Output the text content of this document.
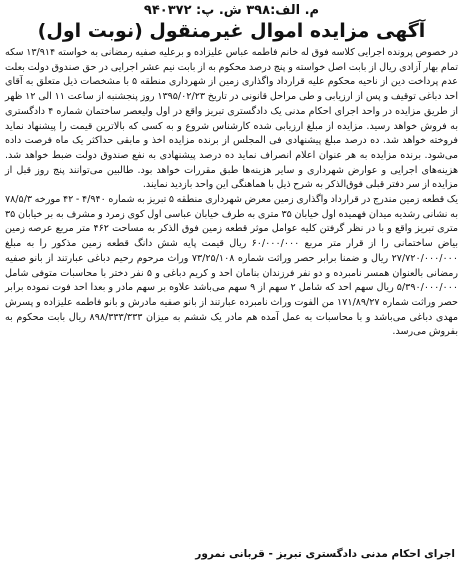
م. الف:۳۹۸ ش. پ: ۹۴۰۳۷۲

آگهی مزایده اموال غیرمنقول (نوبت اول)

در خصوص پرونده اجرایی کلاسه فوق له خانم فاطمه عباس علیزاده و برعلیه صفیه رمضانی به خواسته ۱۳/۹۱۴ سکه تمام بهار آزادی ریال از بابت اصل خواسته و پنج درصد محکوم به از بابت نیم عشر اجرایی در حق صندوق دولت بعلت عدم پرداخت دین از ناحیه محکوم علیه قرارداد واگذاری زمین از شهرداری منطقه ۵ با مشخصات ذیل متعلق به آقای احد دباغی توقیف و پس از ارزیابی و طی مراحل قانونی در تاریخ ۱۳۹۵/۰۲/۲۳ روز پنجشنبه از ساعت ۱۱ الی ۱۲ ظهر از طریق مزایده در واحد اجرای احکام مدنی یک دادگستری تبریز واقع در اول ولیعصر ساختمان شماره ۴ دادگستری به فروش خواهد رسید. مزایده از مبلغ ارزیابی شده کارشناس شروع و به کسی که بالاترین قیمت را پیشنهاد نماید فروخته خواهد شد. ده درصد مبلغ پیشنهادی فی المجلس از برنده مزایده اخذ و مابقی حداکثر یک ماه فرصت داده می‌شود. برنده مزایده به هر عنوان اعلام انصراف نماید ده درصد پیشنهادی به نفع صندوق دولت ضبط خواهد شد. هزینه‌های اجرایی و عوارض شهرداری و سایر هزینه‌ها طبق مقررات خواهد بود. طالبین می‌توانند پنج روز قبل از مزایده از سر دفتر قبلی فوق‌الذکر به شرح ذیل با هماهنگی این واحد بازدید نمایند.

یک قطعه زمین مندرج در قرارداد واگذاری زمین معرض شهرداری منطقه ۵ تبریز به شماره ۴/۹۴۰ - ۴۲ مورخه ۷۸/۵/۳ به نشانی رشدیه میدان فهمیده اول خیابان ۳۵ متری به طرف خیابان عباسی اول کوی زمرد و مشرف به بر خیابان ۳۵ متری تبریز واقع و با در نظر گرفتن کلیه عوامل موثر قطعه زمین فوق الذکر به مساحت ۴۶۲ متر مربع عرصه زمین بیاض ساختمانی را از قرار متر مربع ۶۰/۰۰۰/۰۰۰ ریال قیمت پایه شش دانگ قطعه زمین مذکور را به مبلغ ۲۷/۷۲۰/۰۰۰/۰۰۰ ریال و ضمنا برابر حصر وراثت شماره ۷۳/۲۵/۱۰۸ وراث مرحوم رحیم دباغی عبارتند از بانو صفیه رمضانی بالعنوان همسر نامبرده و دو نفر فرزندان بنامان احد و کریم دباغی و ۵ نفر دختر با محاسبات متوفی شامل ۵/۳۹۰/۰۰۰/۰۰۰ ریال سهم احد که شامل ۲ سهم از ۹ سهم می‌باشد علاوه بر سهم مادر و بعدا احد فوت نموده برابر حصر وراثت شماره ۱۷۱/۸۹/۲۷ من الفوت وراث نامبرده عبارتند از بانو صفیه مادرش و بانو فاطمه علیزاده و پسرش مهدی دباغی می‌باشد و با محاسبات به عمل آمده هم مادر یک ششم به میزان ۸۹۸/۳۳۳/۳۳۳ ریال بابت محکوم به بفروش می‌رسد.

اجرای احکام مدنی دادگستری تبریز - قربانی نمرور
